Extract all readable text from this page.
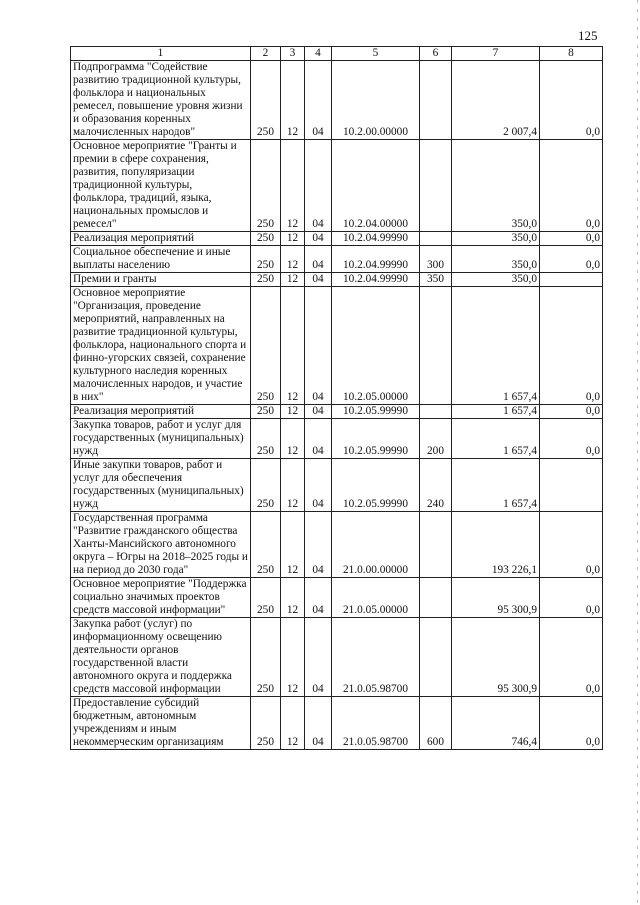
125
1	2	3	4	5	6	7	8
Подпрограмма "Содействие развитию традиционной культуры, фольклора и национальных ремесел, повышение уровня жизни и образования коренных малочисленных народов"	250	12	04	10.2.00.00000		2 007,4	0,0
Основное мероприятие "Гранты и премии в сфере сохранения, развития, популяризации традиционной культуры, фольклора, традиций, языка, национальных промыслов и ремесел"	250	12	04	10.2.04.00000		350,0	0,0
Реализация мероприятий	250	12	04	10.2.04.99990		350,0	0,0
Социальное обеспечение и иные выплаты населению	250	12	04	10.2.04.99990	300	350,0	0,0
Премии и гранты	250	12	04	10.2.04.99990	350	350,0	
Основное мероприятие "Организация, проведение мероприятий, направленных на развитие традиционной культуры, фольклора, национального спорта и финно-угорских связей, сохранение культурного наследия коренных малочисленных народов, и участие в них"	250	12	04	10.2.05.00000		1 657,4	0,0
Реализация мероприятий	250	12	04	10.2.05.99990		1 657,4	0,0
Закупка товаров, работ и услуг для государственных (муниципальных) нужд	250	12	04	10.2.05.99990	200	1 657,4	0,0
Иные закупки товаров, работ и услуг для обеспечения государственных (муниципальных) нужд	250	12	04	10.2.05.99990	240	1 657,4	
Государственная программа "Развитие гражданского общества Ханты-Мансийского автономного округа – Югры на 2018–2025 годы и на период до 2030 года"	250	12	04	21.0.00.00000		193 226,1	0,0
Основное мероприятие "Поддержка социально значимых проектов средств массовой информации"	250	12	04	21.0.05.00000		95 300,9	0,0
Закупка работ (услуг) по информационному освещению деятельности органов государственной власти автономного округа и поддержка средств массовой информации	250	12	04	21.0.05.98700		95 300,9	0,0
Предоставление субсидий бюджетным, автономным учреждениям и иным некоммерческим организациям	250	12	04	21.0.05.98700	600	746,4	0,0
